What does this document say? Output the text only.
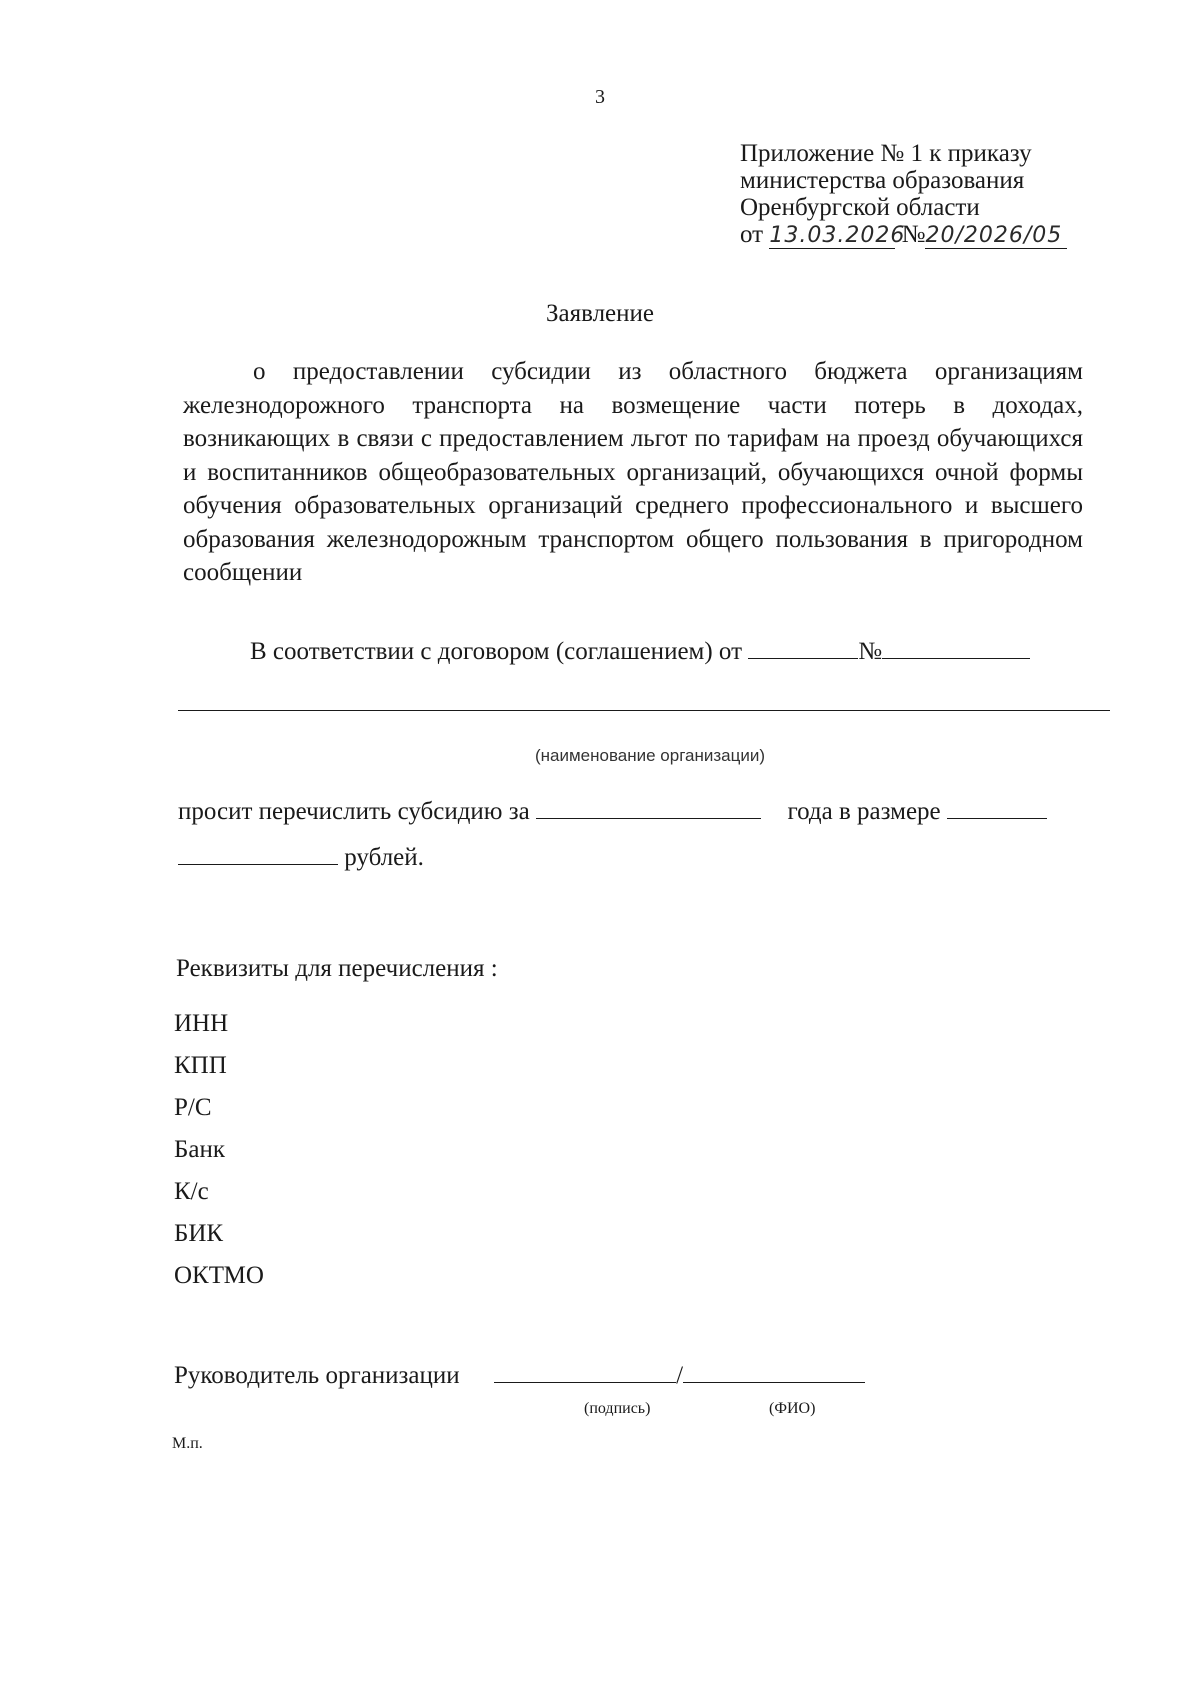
3
Приложение № 1 к приказу
министерства образования
Оренбургской области
от 13.03.2026 №20/2026/05
Заявление
о предоставлении субсидии из областного бюджета организациям железнодорожного транспорта на возмещение части потерь в доходах, возникающих в связи с предоставлением льгот по тарифам на проезд обучающихся и воспитанников общеобразовательных организаций, обучающихся очной формы обучения образовательных организаций среднего профессионального и высшего образования железнодорожным транспортом общего пользования в пригородном сообщении
В соответствии с договором (соглашением) от	№
(наименование организации)
просит перечислить субсидию за	года в размере
рублей.
Реквизиты для перечисления :
ИНН
КПП
Р/С
Банк
К/с
БИК
ОКТМО
Руководитель организации	/
(подпись)	(ФИО)
М.п.
